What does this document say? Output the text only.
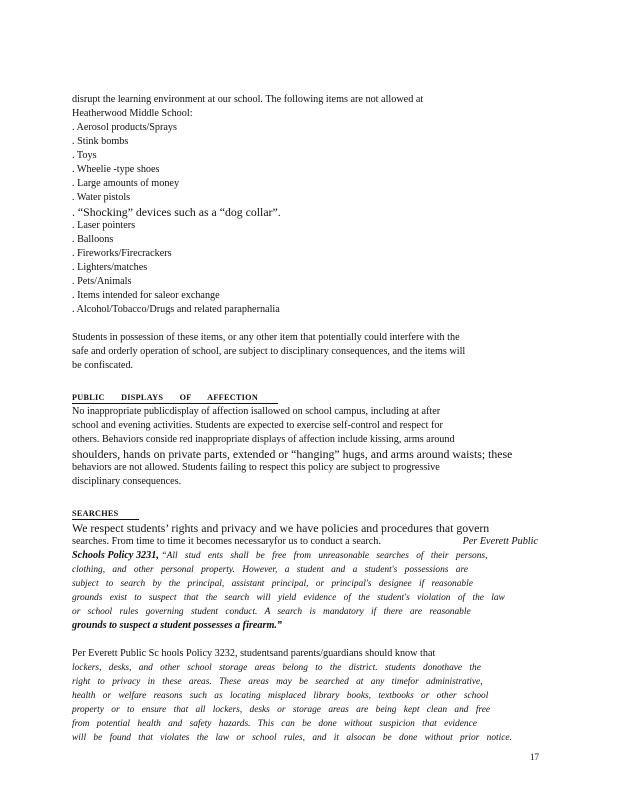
disrupt the learning environment at our school. The following items are not allowed at

Heatherwood Middle School:

. Aerosol products/Sprays
. Stink bombs
. Toys
. Wheelie -type shoes
. Large amounts of money
. Water pistols
. “Shocking” devices such as a “dog collar”.
. Laser pointers
. Balloons
. Fireworks/Firecrackers
. Lighters/matches
. Pets/Animals
. Items intended for saleor exchange
. Alcohol/Tobacco/Drugs and related paraphernalia

Students in possession of these items, or any other item that potentially could interfere with the

safe and orderly operation of school, are subject to disciplinary consequences, and the items will

be confiscated.

PUBLIC DISPLAYS OF AFFECTION

No inappropriate publicdisplay of affection isallowed on school campus, including at after

school and evening activities. Students are expected to exercise self-control and respect for

others. Behaviors conside red inappropriate displays of affection include kissing, arms around

shoulders, hands on private parts, extended or “hanging” hugs, and arms around waists; these

behaviors are not allowed. Students failing to respect this policy are subject to progressive

disciplinary consequences.

SEARCHES

We respect students’ rights and privacy and we have policies and procedures that govern

searches. From time to time it becomes necessaryfor us to conduct a search.	Per Everett Public

Schools Policy 3231, “All stud ents shall be free from unreasonable searches of their persons,

clothing, and other personal property. However, a student and a student's possessions are

subject to search by the principal, assistant principal, or principal's designee if reasonable

grounds exist to suspect that the search will yield evidence of the student's violation of the law

or school rules governing student conduct. A search is mandatory if there are reasonable

grounds to suspect a student possesses a firearm.”

Per Everett Public Sc hools Policy 3232, studentsand parents/guardians should know that

lockers, desks, and other school storage areas belong to the district. students donothave the

right to privacy in these areas. These areas may be searched at any timefor administrative,

health or welfare reasons such as locating misplaced library books, textbooks or other school

property or to ensure that all lockers, desks or storage areas are being kept clean and free

from potential health and safety hazards. This can be done without suspicion that evidence

will be found that violates the law or school rules, and it alsocan be done without prior notice.

17
